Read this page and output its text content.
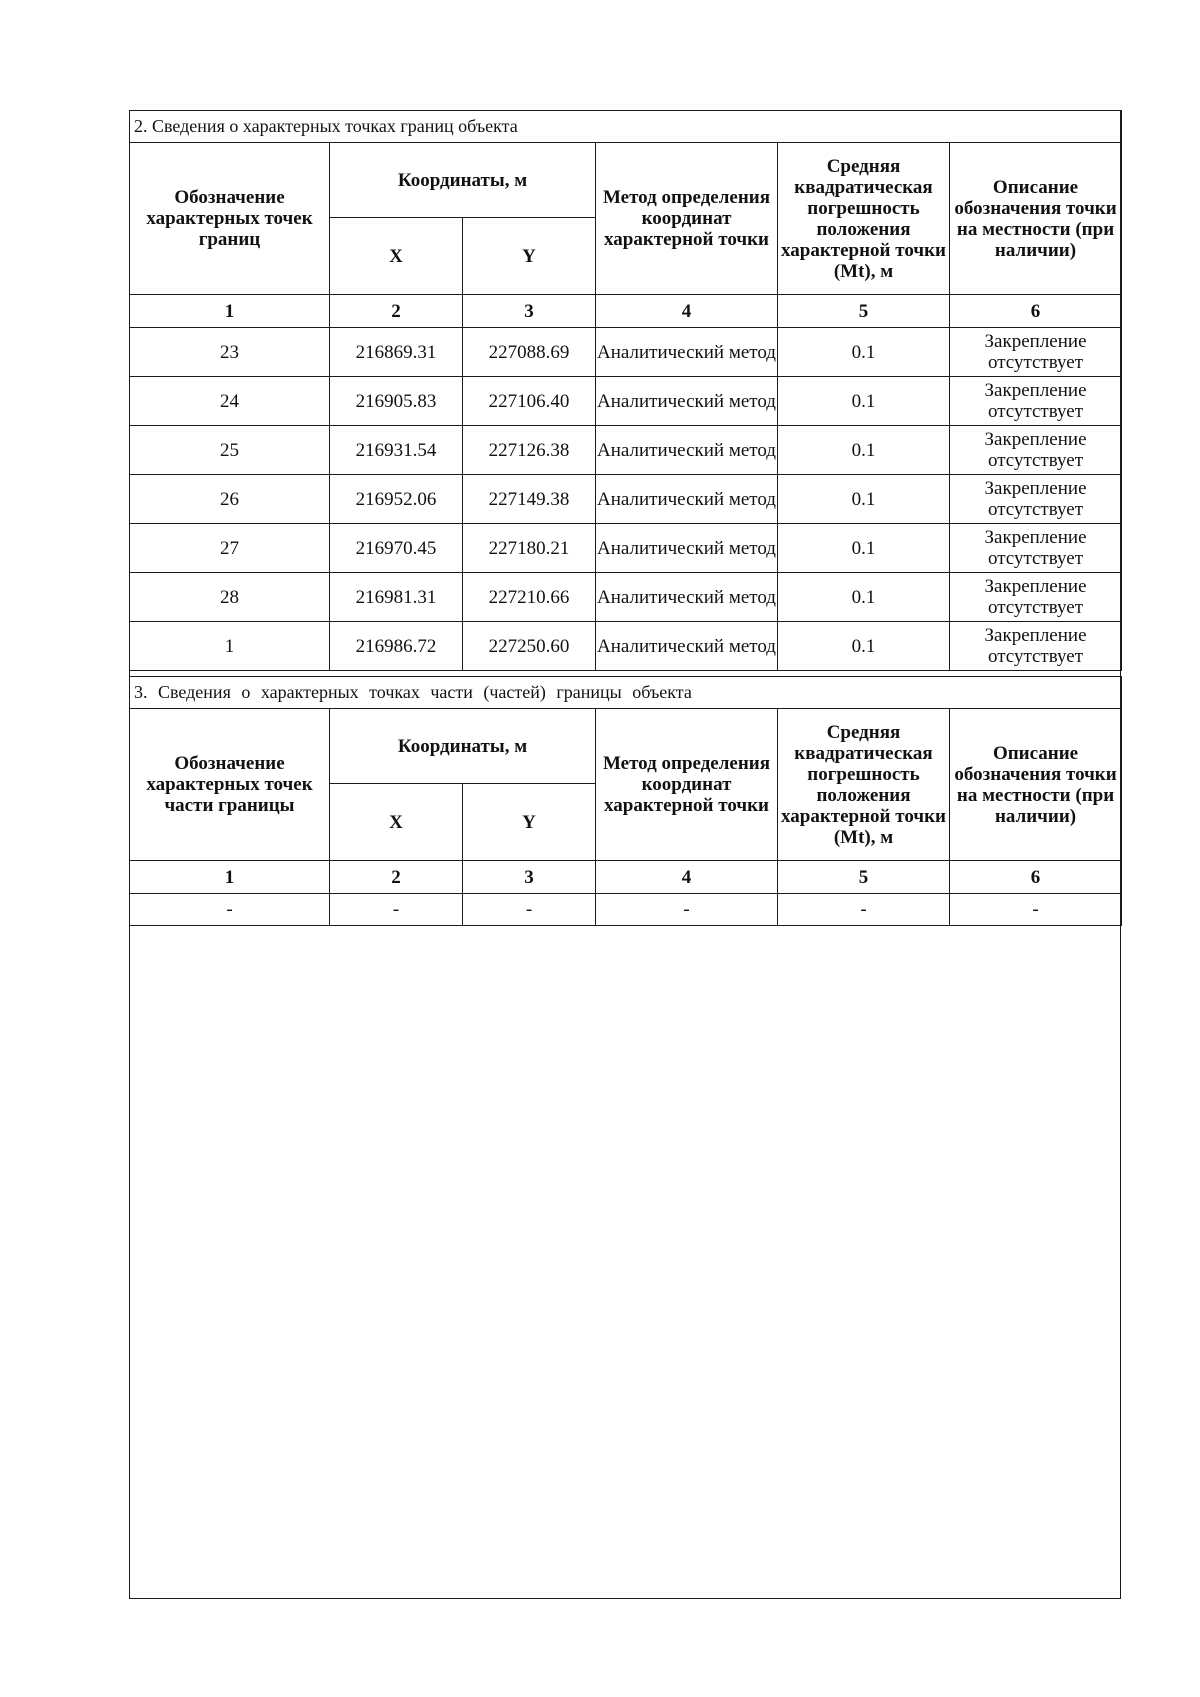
2. Сведения о характерных точках границ объекта					
Обозначение характерных точек границ	Координаты, м		Метод определения координат характерной точки	Средняя квадратическая погрешность положения характерной точки (Mt), м	Описание обозначения точки на местности (при наличии)
	X	Y			
1	2	3	4	5	6
23	216869.31	227088.69	Аналитический метод	0.1	Закрепление отсутствует
24	216905.83	227106.40	Аналитический метод	0.1	Закрепление отсутствует
25	216931.54	227126.38	Аналитический метод	0.1	Закрепление отсутствует
26	216952.06	227149.38	Аналитический метод	0.1	Закрепление отсутствует
27	216970.45	227180.21	Аналитический метод	0.1	Закрепление отсутствует
28	216981.31	227210.66	Аналитический метод	0.1	Закрепление отсутствует
1	216986.72	227250.60	Аналитический метод	0.1	Закрепление отсутствует
3. Сведения о характерных точках части (частей) границы объекта					
Обозначение характерных точек части границы	Координаты, м		Метод определения координат характерной точки	Средняя квадратическая погрешность положения характерной точки (Mt), м	Описание обозначения точки на местности (при наличии)
	X	Y			
1	2	3	4	5	6
-	-	-	-	-	-
